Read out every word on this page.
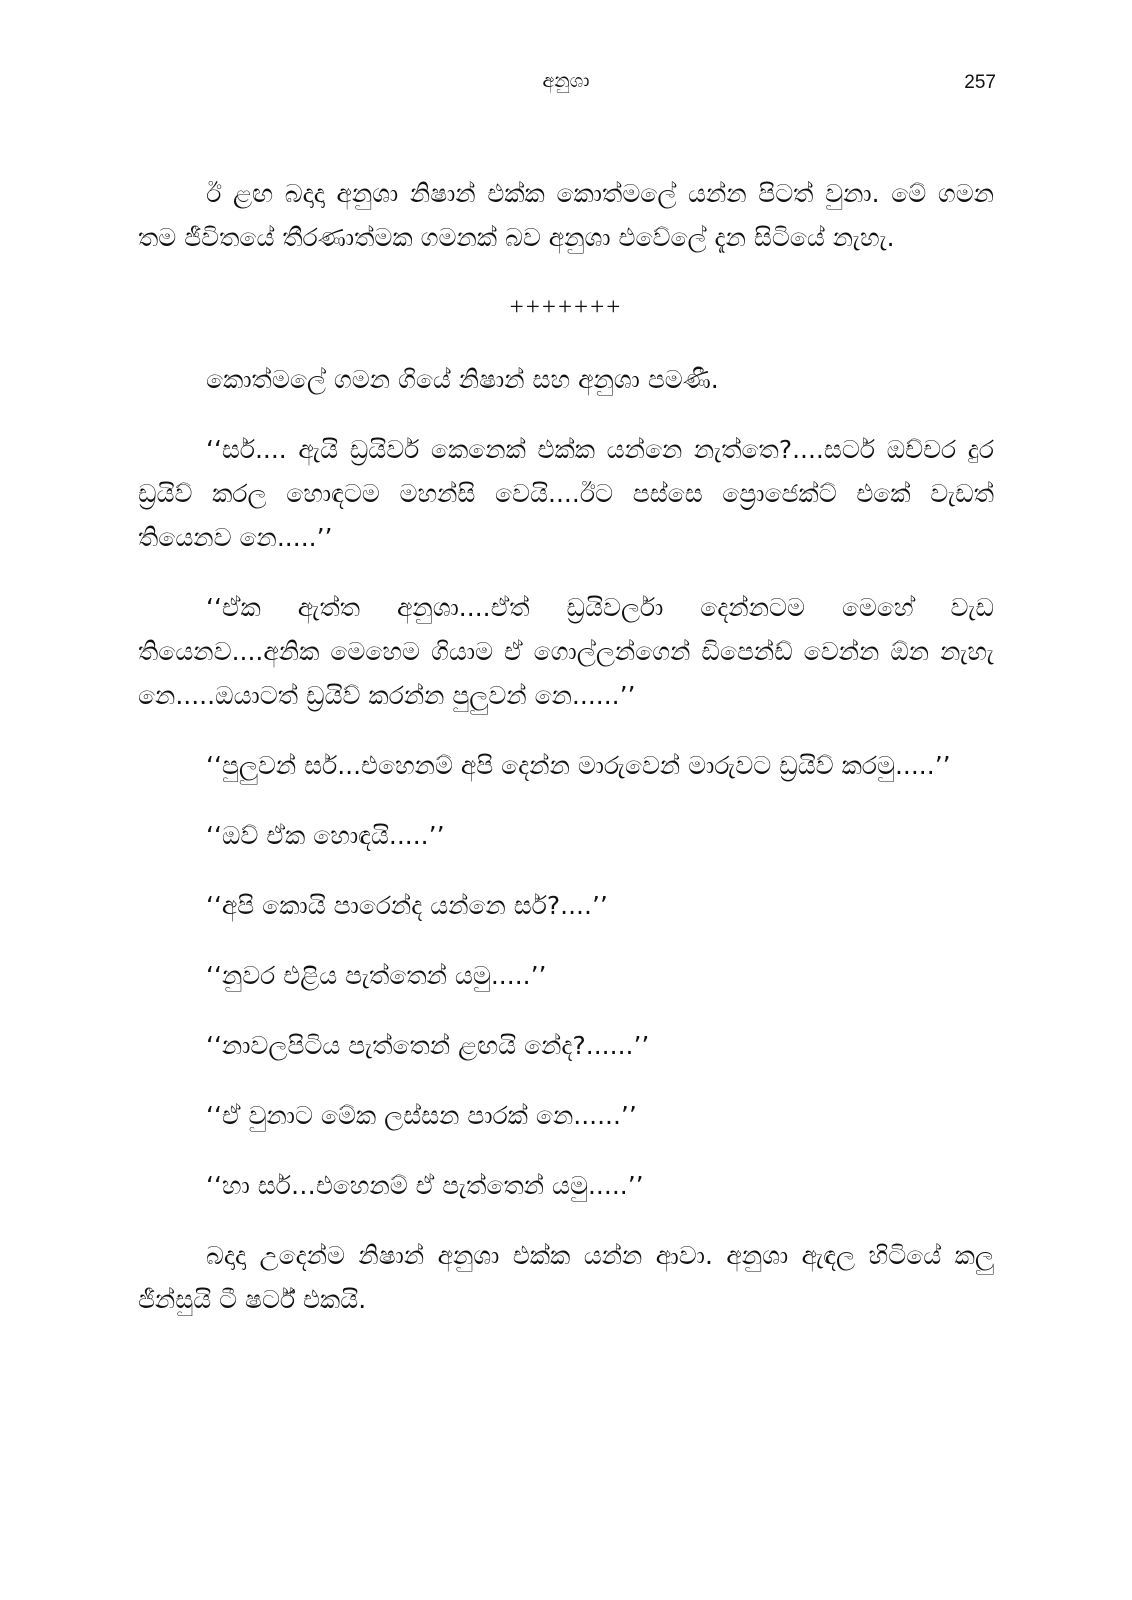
අනුශා	257

ඊ ළඟ බදාදා අනුශා නිෂාන් එක්ක කොත්මලේ යන්න පිටත් වුනා. මේ ගමන තම ජීවිතයේ තීරණාත්මක ගමනක් බව අනුශා එවේලේ දැන සිටියේ නැහැ.

+++++++

කොත්මලේ ගමන ගියේ නිෂාන් සහ අනුශා පමණී.

‘‘සර්.... ඇයි ඩ්‍රයිවර් කෙනෙක් එක්ක යන්නෙ නැත්තෙ?....සර්ට ඔච්චර දුර ඩ්‍රයිව් කරල හොඳටම මහන්සි වෙයි....ඊට පස්සෙ ප්‍රොජෙක්ට් එකේ වැඩත් තියෙනව නෙ.....’’

‘‘ඒක ඇත්ත අනුශා....ඒත් ඩ්‍රයිවර්ලා දෙන්නටම මෙහේ වැඩ තියෙනව....අනික මෙහෙම ගියාම ඒ ගොල්ලන්ගෙන් ඩිපෙන්ඩ් වෙන්න ඕන නැහැ නෙ.....ඔයාටත් ඩ්‍රයිව් කරන්න පුලුවන් නෙ......’’

‘‘පුලුවන් සර්...එහෙනම් අපි දෙන්න මාරුවෙන් මාරුවට ඩ්‍රයිව් කරමු.....’’

‘‘ඔව් ඒක හොඳයි.....’’

‘‘අපි කොයි පාරෙන්ද යන්නෙ සර්?....’’

‘‘නුවර එළිය පැත්තෙන් යමු.....’’

‘‘නාවලපිටිය පැත්තෙන් ළඟයි නේද?......’’

‘‘ඒ වුනාට මේක ලස්සන පාරක් නෙ......’’

‘‘හා සර්…එහෙනම් ඒ පැත්තෙන් යමු.....’’

බදාදා උදෙන්ම නිෂාන් අනුශා එක්ක යන්න ආවා. අනුශා ඇඳල හිටියේ කලු ජීන්සුයි ටී ෂර්ට් එකයි.
